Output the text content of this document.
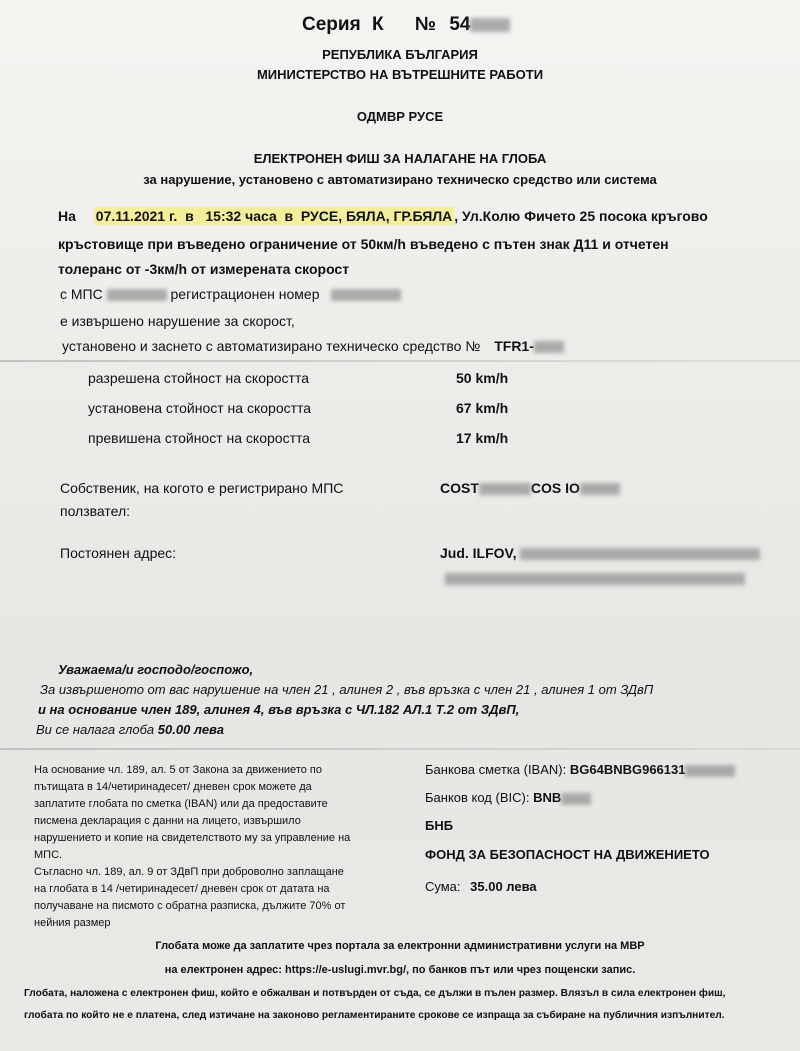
Серия К № 54
РЕПУБЛИКА БЪЛГАРИЯ
МИНИСТЕРСТВО НА ВЪТРЕШНИТЕ РАБОТИ
ОДМВР РУСЕ
ЕЛЕКТРОНЕН ФИШ ЗА НАЛАГАНЕ НА ГЛОБА
за нарушение, установено с автоматизирано техническо средство или система
На 07.11.2021 г. в 15:32 часа в РУСЕ, БЯЛА, ГР.БЯЛА , Ул.Колю Фичето 25 посока кръгово
кръстовище при въведено ограничение от 50км/h въведено с пътен знак Д11 и отчетен
толеранс от -3км/h от измерената скорост
с МПС	регистрационен номер
е извършено нарушение за скорост,
установено и заснето с автоматизирано техническо средство № TFR1-
разрешена стойност на скоростта	50 km/h
установена стойност на скоростта	67 km/h
превишена стойност на скоростта	17 km/h
Собственик, на когото е регистрирано МПС	COST	COS IO
ползвател:
Постоянен адрес:	Jud. ILFOV,
Уважаема/и господо/госпожо,
За извършеното от вас нарушение на член 21 , алинея 2 , във връзка с член 21 , алинея 1 от ЗДвП
и на основание член 189, алинея 4, във връзка с ЧЛ.182 АЛ.1 Т.2 от ЗДвП,
Ви се налага глоба 50.00 лева
На основание чл. 189, ал. 5 от Закона за движението по
пътищата в 14/четиринадесет/ дневен срок можете да
заплатите глобата по сметка (IBAN) или да предоставите
писмена декларация с данни на лицето, извършило
нарушението и копие на свидетелството му за управление на
МПС.
Съгласно чл. 189, ал. 9 от ЗДвП при доброволно заплащане
на глобата в 14 /четиринадесет/ дневен срок от датата на
получаване на писмото с обратна разписка, дължите 70% от
нейния размер
Банкова сметка (IBAN): BG64BNBG966131
Банков код (BIC): BNB
БНБ
ФОНД ЗА БЕЗОПАСНОСТ НА ДВИЖЕНИЕТО
Сума: 35.00 лева
Глобата може да заплатите чрез портала за електронни административни услуги на МВР
на електронен адрес: https://e-uslugi.mvr.bg/, по банков път или чрез пощенски запис.
Глобата, наложена с електронен фиш, който е обжалван и потвърден от съда, се дължи в пълен размер. Влязъл в сила електронен фиш,
глобата по който не е платена, след изтичане на законово регламентираните срокове се изпраща за събиране на публичния изпълнител.
